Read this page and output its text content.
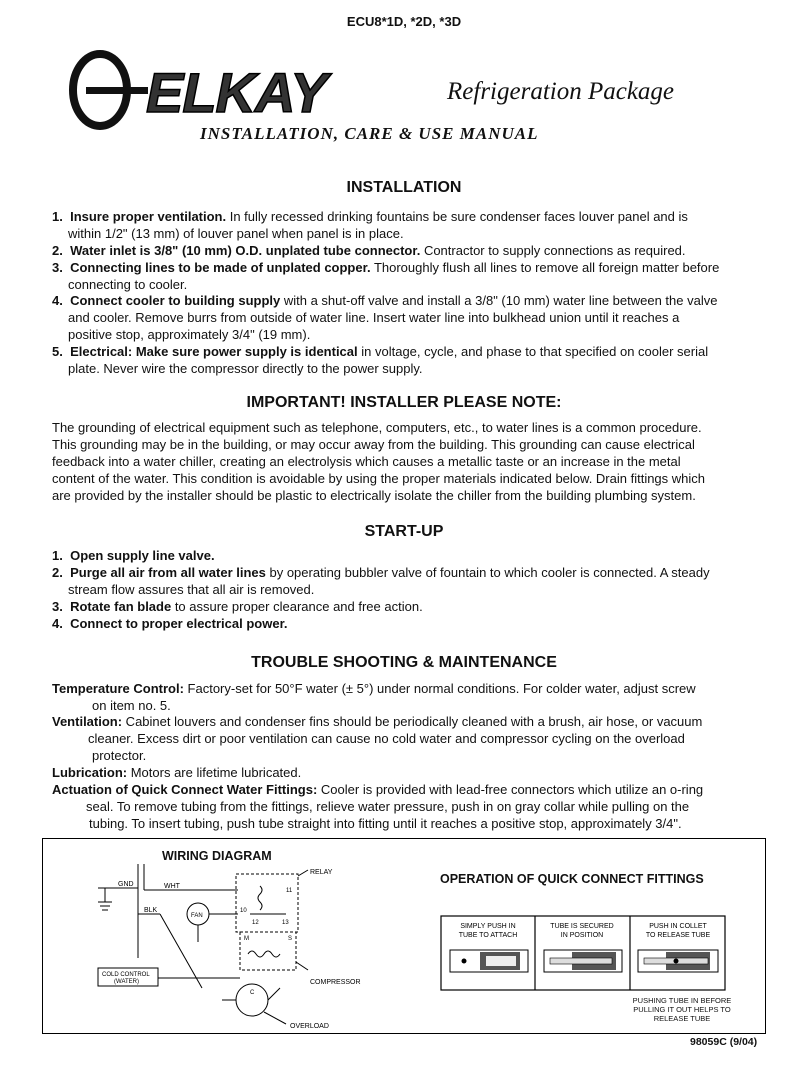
ECU8*1D, *2D, *3D
ELKAY	Refrigeration Package
INSTALLATION, CARE & USE MANUAL
INSTALLATION
1. Insure proper ventilation. In fully recessed drinking fountains be sure condenser faces louver panel and is
within 1/2" (13 mm) of louver panel when panel is in place.
2. Water inlet is 3/8" (10 mm) O.D. unplated tube connector. Contractor to supply connections as required.
3. Connecting lines to be made of unplated copper. Thoroughly flush all lines to remove all foreign matter before
connecting to cooler.
4. Connect cooler to building supply with a shut-off valve and install a 3/8" (10 mm) water line between the valve
and cooler. Remove burrs from outside of water line. Insert water line into bulkhead union until it reaches a
positive stop, approximately 3/4" (19 mm).
5. Electrical: Make sure power supply is identical in voltage, cycle, and phase to that specified on cooler serial
plate. Never wire the compressor directly to the power supply.
IMPORTANT! INSTALLER PLEASE NOTE:
The grounding of electrical equipment such as telephone, computers, etc., to water lines is a common procedure.
This grounding may be in the building, or may occur away from the building. This grounding can cause electrical
feedback into a water chiller, creating an electrolysis which causes a metallic taste or an increase in the metal
content of the water. This condition is avoidable by using the proper materials indicated below. Drain fittings which
are provided by the installer should be plastic to electrically isolate the chiller from the building plumbing system.
START-UP
1. Open supply line valve.
2. Purge all air from all water lines by operating bubbler valve of fountain to which cooler is connected. A steady
stream flow assures that all air is removed.
3. Rotate fan blade to assure proper clearance and free action.
4. Connect to proper electrical power.
TROUBLE SHOOTING & MAINTENANCE
Temperature Control: Factory-set for 50°F water (± 5°) under normal conditions. For colder water, adjust screw
on item no. 5.
Ventilation: Cabinet louvers and condenser fins should be periodically cleaned with a brush, air hose, or vacuum
cleaner. Excess dirt or poor ventilation can cause no cold water and compressor cycling on the overload
protector.
Lubrication: Motors are lifetime lubricated.
Actuation of Quick Connect Water Fittings: Cooler is provided with lead-free connectors which utilize an o-ring
seal. To remove tubing from the fittings, relieve water pressure, push in on gray collar while pulling on the
tubing. To insert tubing, push tube straight into fitting until it reaches a positive stop, approximately 3/4".
WIRING DIAGRAM
GND	WHT
BLK
RELAY
FAN
COMPRESSOR
OVERLOAD
COLD CONTROL
(WATER)
10
11
12	13
M	S
C
OPERATION OF QUICK CONNECT FITTINGS
SIMPLY PUSH IN
TUBE TO ATTACH
TUBE IS SECURED
IN POSITION
PUSH IN COLLET
TO RELEASE TUBE
PUSHING TUBE IN BEFORE
PULLING IT OUT HELPS TO
RELEASE TUBE
98059C (9/04)
